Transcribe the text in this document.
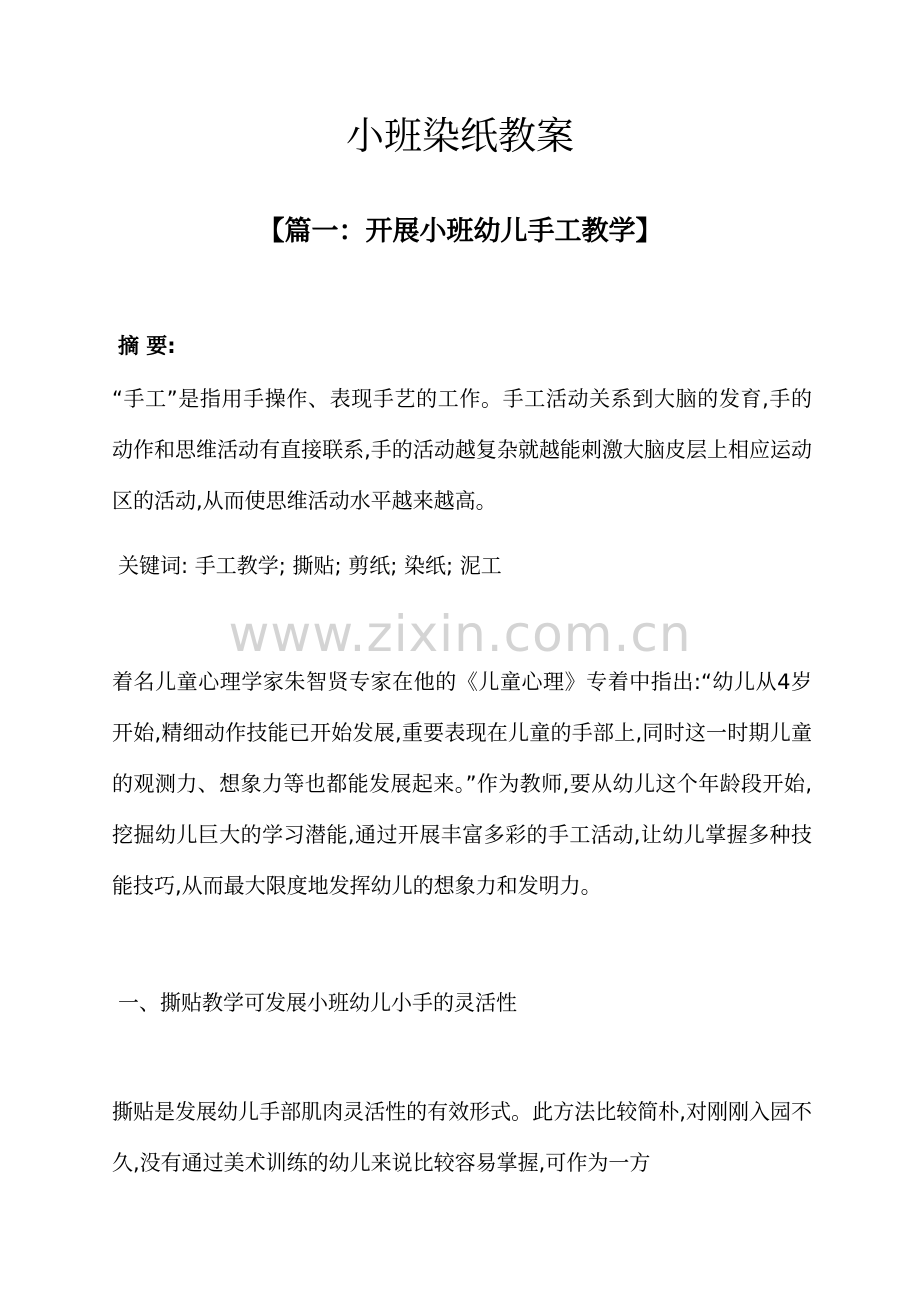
小班染纸教案
【篇一：开展小班幼儿手工教学】

摘 要:

“手工”是指用手操作、表现手艺的工作。手工活动关系到大脑的发育,手的动作和思维活动有直接联系,手的活动越复杂就越能刺激大脑皮层上相应运动区的活动,从而使思维活动水平越来越高。

关键词: 手工教学; 撕贴; 剪纸; 染纸; 泥工

www.zixin.com.cn

着名儿童心理学家朱智贤专家在他的《儿童心理》专着中指出:“幼儿从4岁开始,精细动作技能已开始发展,重要表现在儿童的手部上,同时这一时期儿童的观测力、想象力等也都能发展起来。”作为教师,要从幼儿这个年龄段开始,挖掘幼儿巨大的学习潜能,通过开展丰富多彩的手工活动,让幼儿掌握多种技能技巧,从而最大限度地发挥幼儿的想象力和发明力。

一、撕贴教学可发展小班幼儿小手的灵活性

撕贴是发展幼儿手部肌肉灵活性的有效形式。此方法比较简朴,对刚刚入园不久,没有通过美术训练的幼儿来说比较容易掌握,可作为一方
